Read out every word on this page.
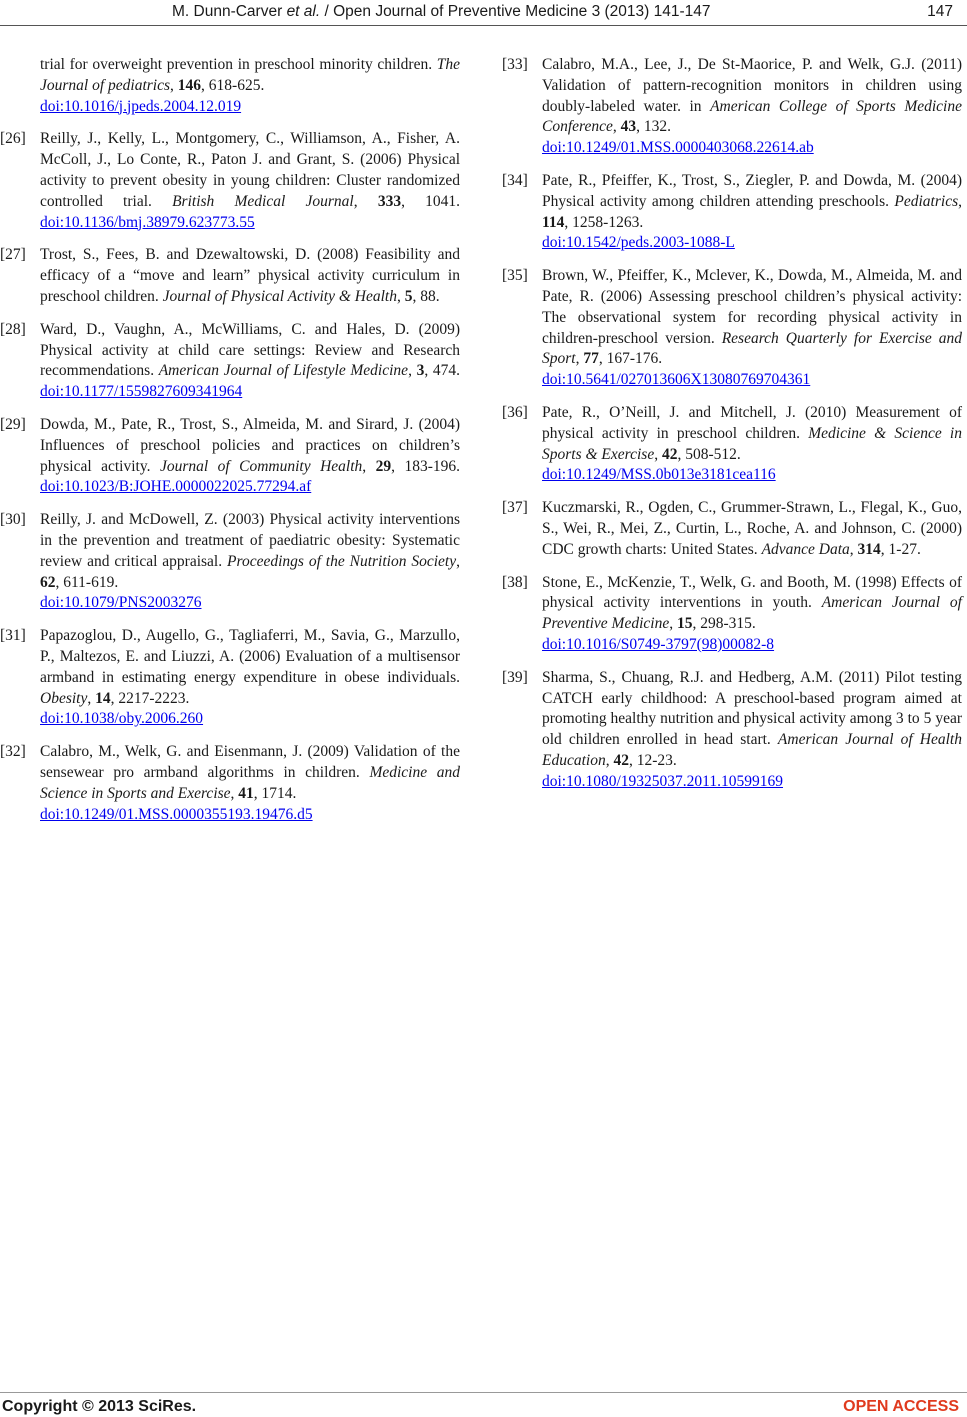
M. Dunn-Carver et al. / Open Journal of Preventive Medicine 3 (2013) 141-147	147
trial for overweight prevention in preschool minority children. The Journal of pediatrics, 146, 618-625.
doi:10.1016/j.jpeds.2004.12.019
[26] Reilly, J., Kelly, L., Montgomery, C., Williamson, A., Fisher, A. McColl, J., Lo Conte, R., Paton J. and Grant, S. (2006) Physical activity to prevent obesity in young children: Cluster randomized controlled trial. British Medical Journal, 333, 1041. doi:10.1136/bmj.38979.623773.55
[27] Trost, S., Fees, B. and Dzewaltowski, D. (2008) Feasibility and efficacy of a “move and learn” physical activity curriculum in preschool children. Journal of Physical Activity & Health, 5, 88.
[28] Ward, D., Vaughn, A., McWilliams, C. and Hales, D. (2009) Physical activity at child care settings: Review and Research recommendations. American Journal of Lifestyle Medicine, 3, 474. doi:10.1177/1559827609341964
[29] Dowda, M., Pate, R., Trost, S., Almeida, M. and Sirard, J. (2004) Influences of preschool policies and practices on children’s physical activity. Journal of Community Health, 29, 183-196. doi:10.1023/B:JOHE.0000022025.77294.af
[30] Reilly, J. and McDowell, Z. (2003) Physical activity interventions in the prevention and treatment of paediatric obesity: Systematic review and critical appraisal. Proceedings of the Nutrition Society, 62, 611-619.
doi:10.1079/PNS2003276
[31] Papazoglou, D., Augello, G., Tagliaferri, M., Savia, G., Marzullo, P., Maltezos, E. and Liuzzi, A. (2006) Evaluation of a multisensor armband in estimating energy expenditure in obese individuals. Obesity, 14, 2217-2223.
doi:10.1038/oby.2006.260
[32] Calabro, M., Welk, G. and Eisenmann, J. (2009) Validation of the sensewear pro armband algorithms in children. Medicine and Science in Sports and Exercise, 41, 1714.
doi:10.1249/01.MSS.0000355193.19476.d5
[33] Calabro, M.A., Lee, J., De St-Maorice, P. and Welk, G.J. (2011) Validation of pattern-recognition monitors in children using doubly-labeled water. in American College of Sports Medicine Conference, 43, 132.
doi:10.1249/01.MSS.0000403068.22614.ab
[34] Pate, R., Pfeiffer, K., Trost, S., Ziegler, P. and Dowda, M. (2004) Physical activity among children attending preschools. Pediatrics, 114, 1258-1263.
doi:10.1542/peds.2003-1088-L
[35] Brown, W., Pfeiffer, K., Mclever, K., Dowda, M., Almeida, M. and Pate, R. (2006) Assessing preschool children’s physical activity: The observational system for recording physical activity in children-preschool version. Research Quarterly for Exercise and Sport, 77, 167-176.
doi:10.5641/027013606X13080769704361
[36] Pate, R., O’Neill, J. and Mitchell, J. (2010) Measurement of physical activity in preschool children. Medicine & Science in Sports & Exercise, 42, 508-512.
doi:10.1249/MSS.0b013e3181cea116
[37] Kuczmarski, R., Ogden, C., Grummer-Strawn, L., Flegal, K., Guo, S., Wei, R., Mei, Z., Curtin, L., Roche, A. and Johnson, C. (2000) CDC growth charts: United States. Advance Data, 314, 1-27.
[38] Stone, E., McKenzie, T., Welk, G. and Booth, M. (1998) Effects of physical activity interventions in youth. American Journal of Preventive Medicine, 15, 298-315.
doi:10.1016/S0749-3797(98)00082-8
[39] Sharma, S., Chuang, R.J. and Hedberg, A.M. (2011) Pilot testing CATCH early childhood: A preschool-based program aimed at promoting healthy nutrition and physical activity among 3 to 5 year old children enrolled in head start. American Journal of Health Education, 42, 12-23.
doi:10.1080/19325037.2011.10599169
Copyright © 2013 SciRes.	OPEN ACCESS
